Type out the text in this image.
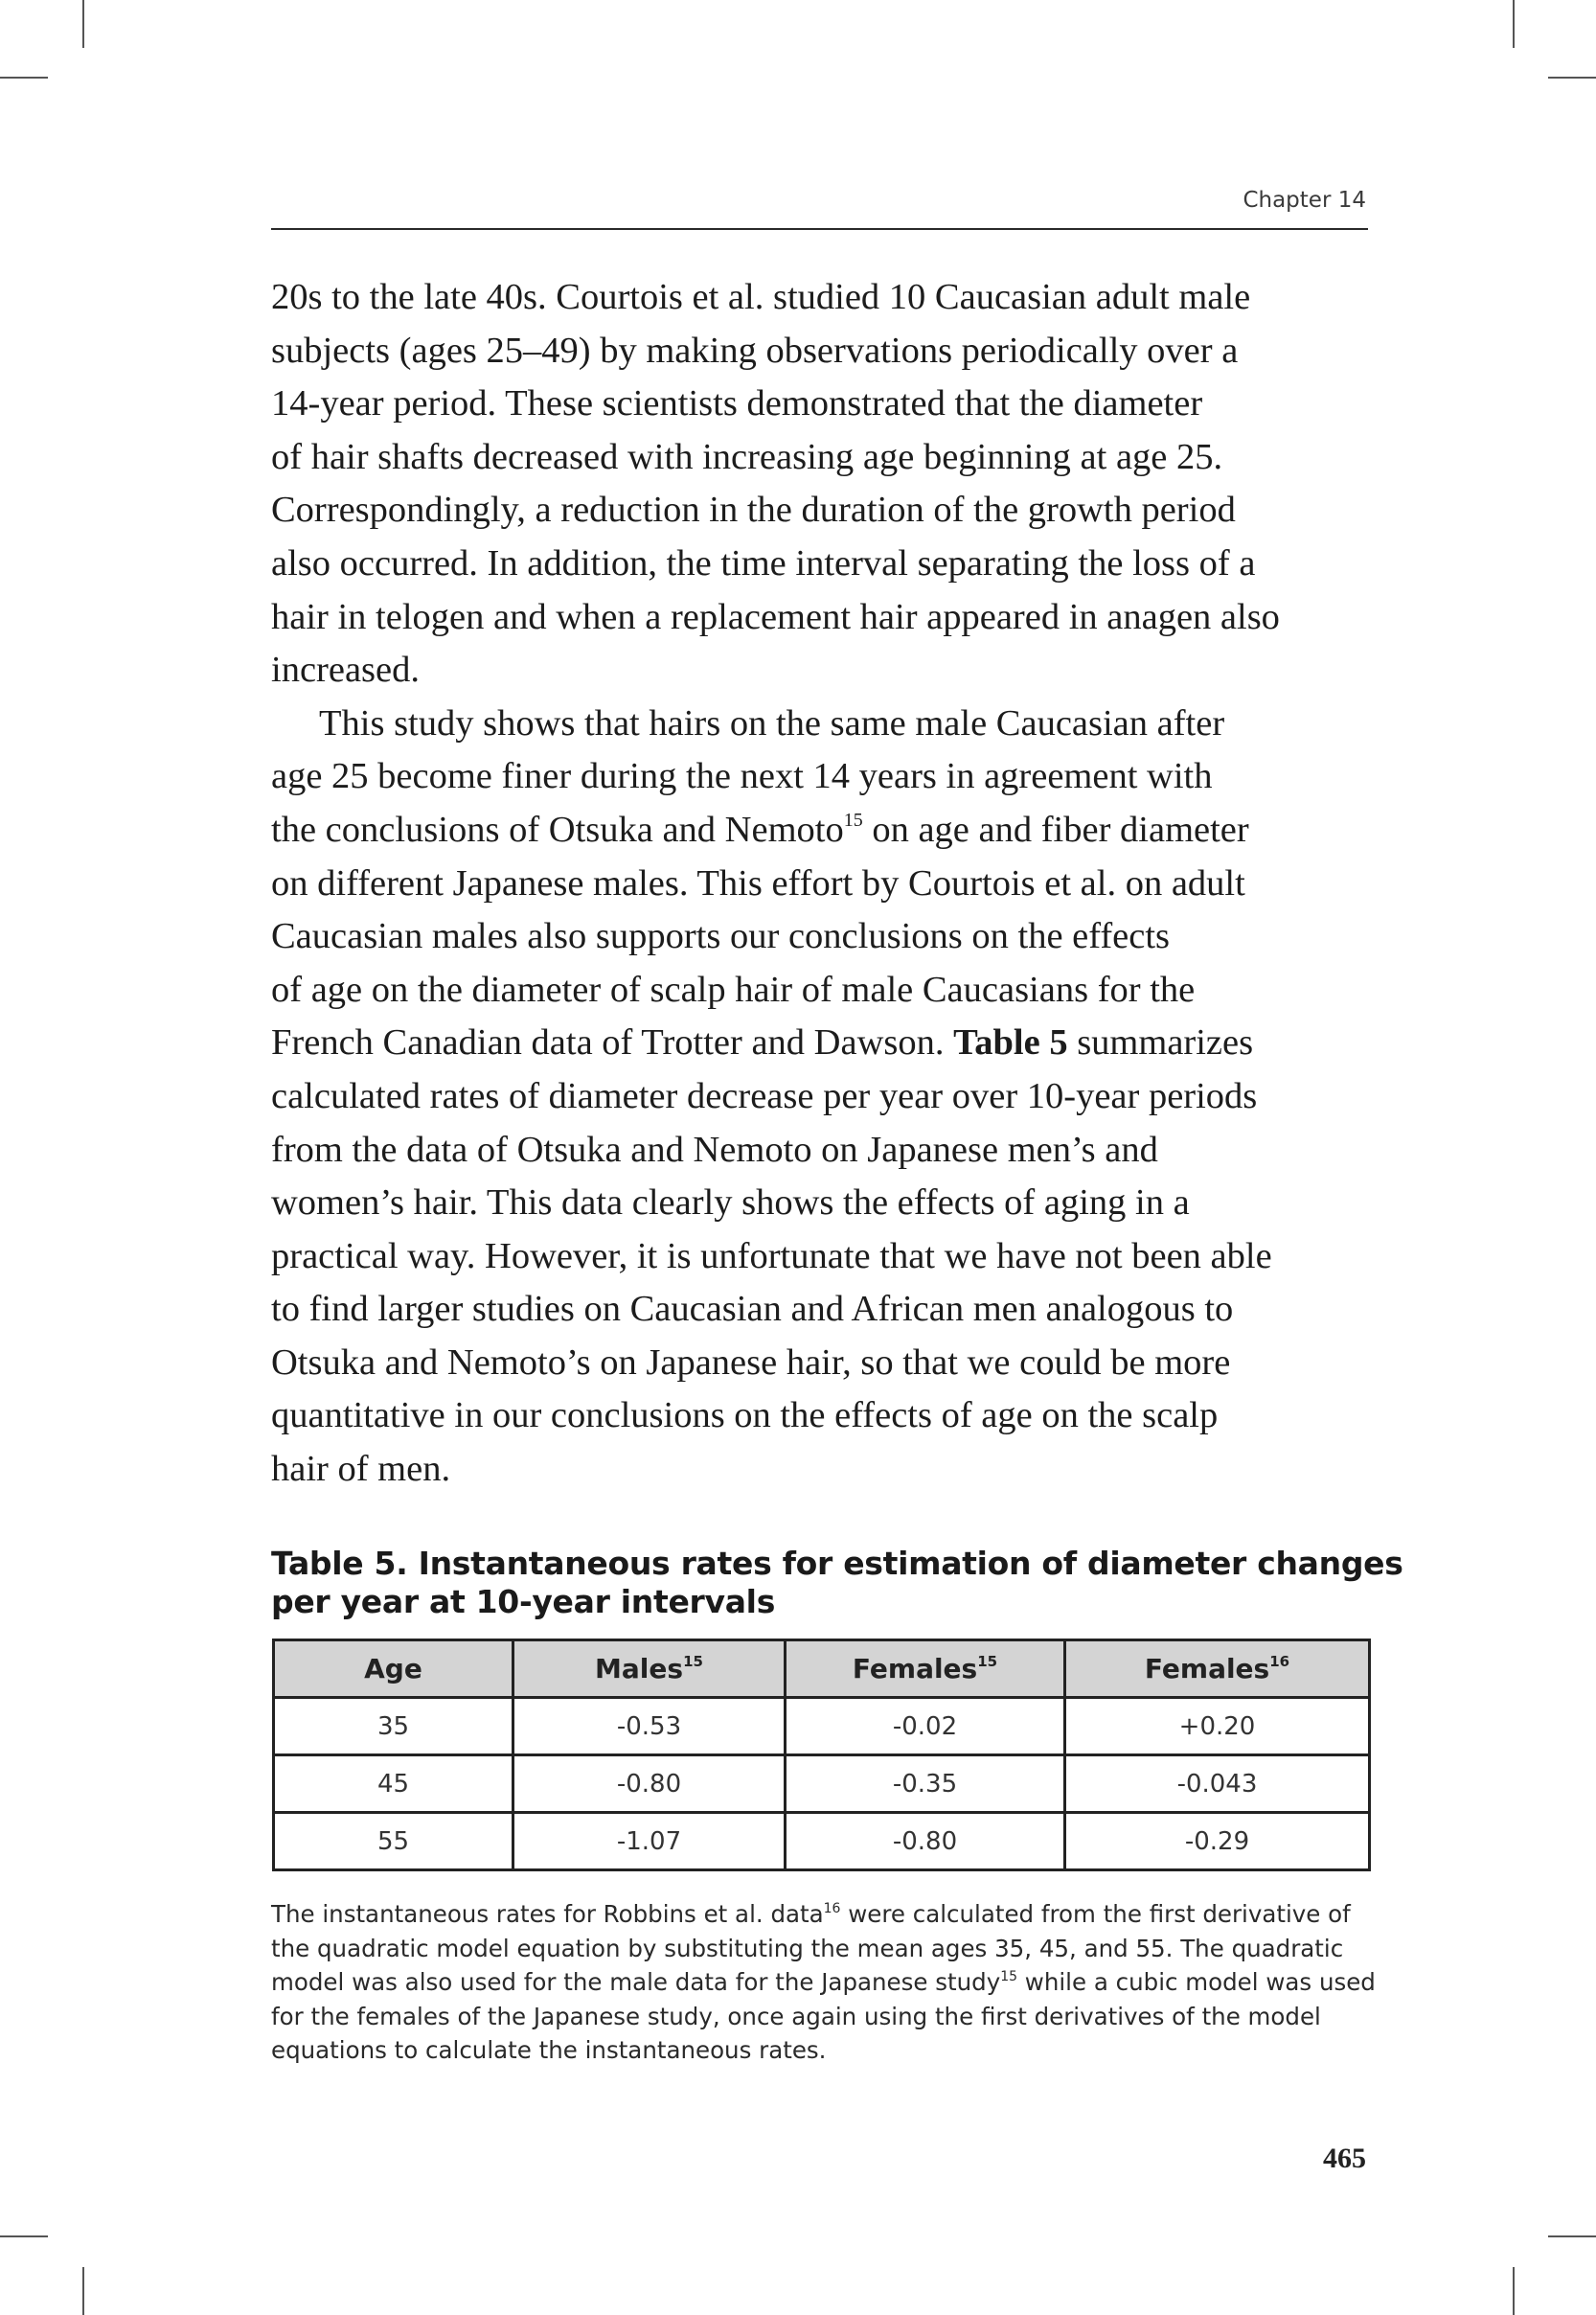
Chapter 14
20s to the late 40s. Courtois et al. studied 10 Caucasian adult male
subjects (ages 25–49) by making observations periodically over a
14-year period. These scientists demonstrated that the diameter
of hair shafts decreased with increasing age beginning at age 25.
Correspondingly, a reduction in the duration of the growth period
also occurred. In addition, the time interval separating the loss of a
hair in telogen and when a replacement hair appeared in anagen also
increased.
This study shows that hairs on the same male Caucasian after
age 25 become finer during the next 14 years in agreement with
the conclusions of Otsuka and Nemoto$^{15}$ on age and fiber diameter
on different Japanese males. This effort by Courtois et al. on adult
Caucasian males also supports our conclusions on the effects
of age on the diameter of scalp hair of male Caucasians for the
French Canadian data of Trotter and Dawson. Table 5 summarizes
calculated rates of diameter decrease per year over 10-year periods
from the data of Otsuka and Nemoto on Japanese men’s and
women’s hair. This data clearly shows the effects of aging in a
practical way. However, it is unfortunate that we have not been able
to find larger studies on Caucasian and African men analogous to
Otsuka and Nemoto’s on Japanese hair, so that we could be more
quantitative in our conclusions on the effects of age on the scalp
hair of men.
Table 5. Instantaneous rates for estimation of diameter changes
per year at 10-year intervals
Age	Males$^{15}$	Females$^{15}$	Females$^{16}$
35	-0.53	-0.02	+0.20
45	-0.80	-0.35	-0.043
55	-1.07	-0.80	-0.29
The instantaneous rates for Robbins et al. data$^{16}$ were calculated from the first derivative of
the quadratic model equation by substituting the mean ages 35, 45, and 55. The quadratic
model was also used for the male data for the Japanese study$^{15}$ while a cubic model was used
for the females of the Japanese study, once again using the first derivatives of the model
equations to calculate the instantaneous rates.
465
